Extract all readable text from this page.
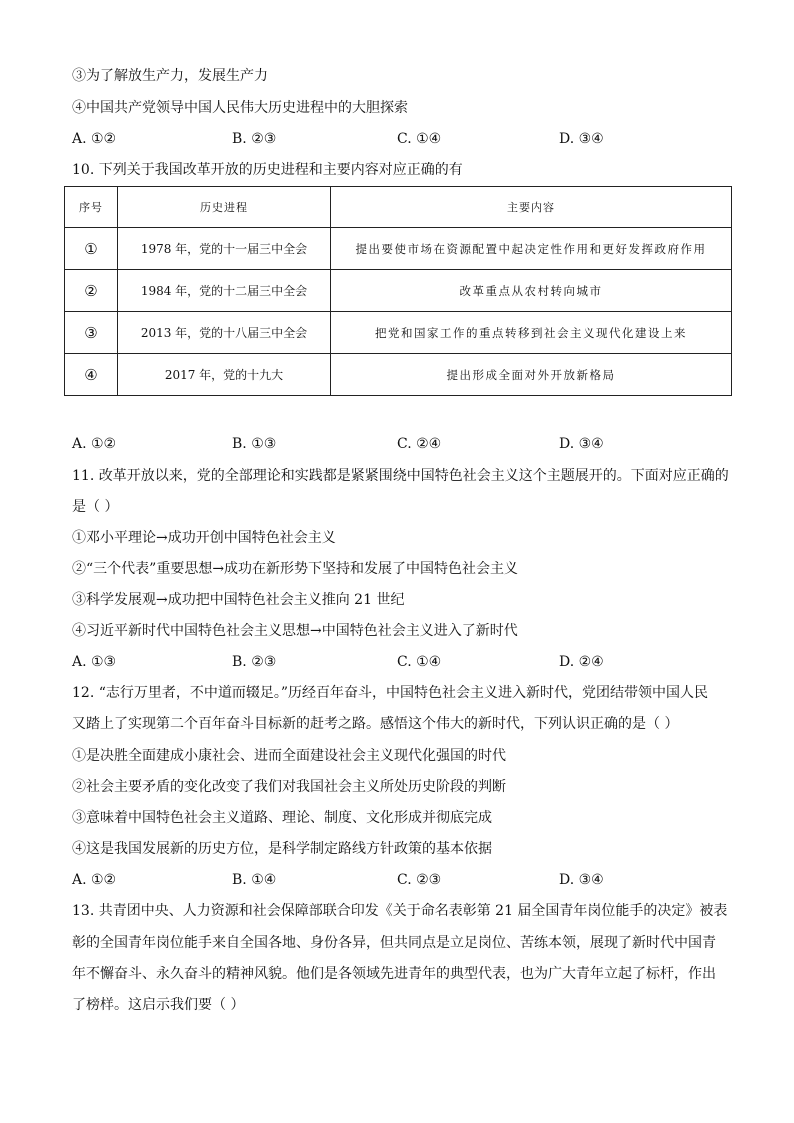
③为了解放生产力，发展生产力
④中国共产党领导中国人民伟大历史进程中的大胆探索
A. ①②	B. ②③	C. ①④	D. ③④
10. 下列关于我国改革开放的历史进程和主要内容对应正确的有
序号	历史进程	主要内容
①	1978 年，党的十一届三中全会	提出要使市场在资源配置中起决定性作用和更好发挥政府作用
②	1984 年，党的十二届三中全会	改革重点从农村转向城市
③	2013 年，党的十八届三中全会	把党和国家工作的重点转移到社会主义现代化建设上来
④	2017 年，党的十九大	提出形成全面对外开放新格局
A. ①②	B. ①③	C. ②④	D. ③④
11. 改革开放以来，党的全部理论和实践都是紧紧围绕中国特色社会主义这个主题展开的。下面对应正确的
是（ ）
①邓小平理论→成功开创中国特色社会主义
②“三个代表”重要思想→成功在新形势下坚持和发展了中国特色社会主义
③科学发展观→成功把中国特色社会主义推向 21 世纪
④习近平新时代中国特色社会主义思想→中国特色社会主义进入了新时代
A. ①③	B. ②③	C. ①④	D. ②④
12. “志行万里者，不中道而辍足。”历经百年奋斗，中国特色社会主义进入新时代，党团结带领中国人民
又踏上了实现第二个百年奋斗目标新的赶考之路。感悟这个伟大的新时代，下列认识正确的是（ ）
①是决胜全面建成小康社会、进而全面建设社会主义现代化强国的时代
②社会主要矛盾的变化改变了我们对我国社会主义所处历史阶段的判断
③意味着中国特色社会主义道路、理论、制度、文化形成并彻底完成
④这是我国发展新的历史方位，是科学制定路线方针政策的基本依据
A. ①②	B. ①④	C. ②③	D. ③④
13. 共青团中央、人力资源和社会保障部联合印发《关于命名表彰第 21 届全国青年岗位能手的决定》被表
彰的全国青年岗位能手来自全国各地、身份各异，但共同点是立足岗位、苦练本领，展现了新时代中国青
年不懈奋斗、永久奋斗的精神风貌。他们是各领域先进青年的典型代表，也为广大青年立起了标杆，作出
了榜样。这启示我们要（ ）
